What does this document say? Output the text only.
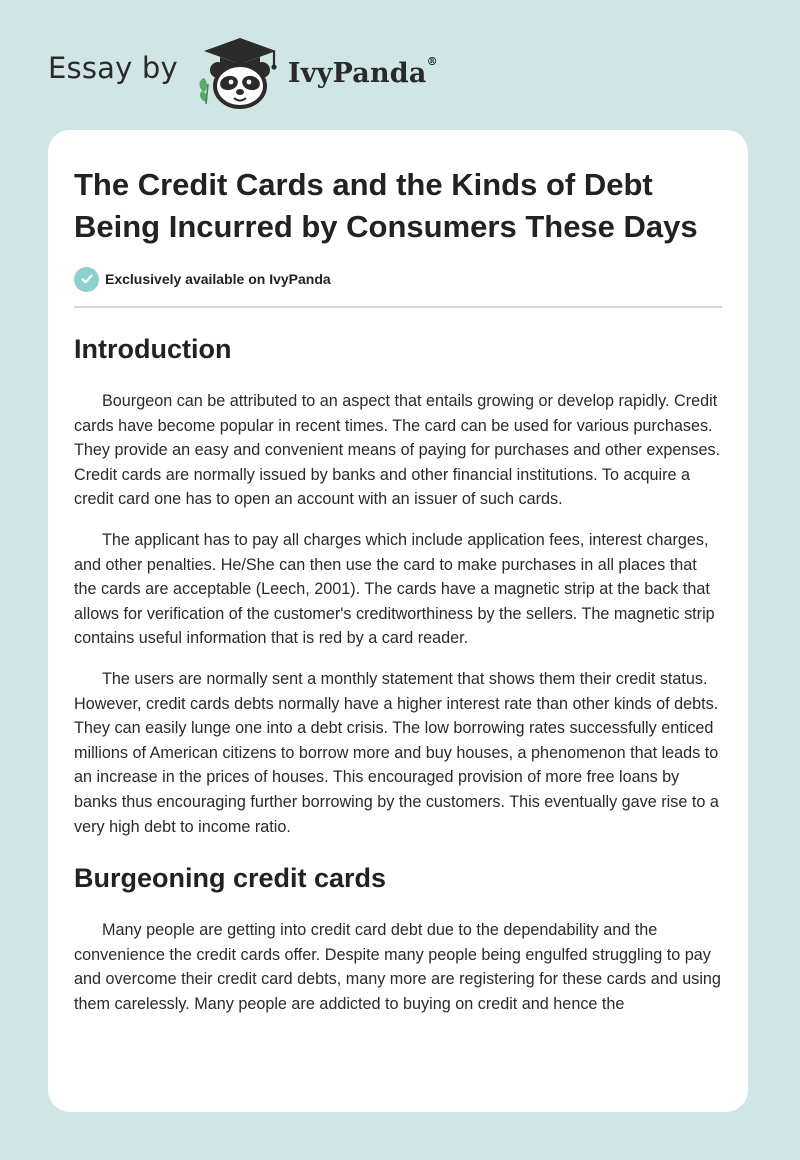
Essay by	IvyPanda®
The Credit Cards and the Kinds of Debt Being Incurred by Consumers These Days
Exclusively available on IvyPanda
Introduction

Bourgeon can be attributed to an aspect that entails growing or develop rapidly. Credit cards have become popular in recent times. The card can be used for various purchases. They provide an easy and convenient means of paying for purchases and other expenses. Credit cards are normally issued by banks and other financial institutions. To acquire a credit card one has to open an account with an issuer of such cards.

The applicant has to pay all charges which include application fees, interest charges, and other penalties. He/She can then use the card to make purchases in all places that the cards are acceptable (Leech, 2001). The cards have a magnetic strip at the back that allows for verification of the customer's creditworthiness by the sellers. The magnetic strip contains useful information that is red by a card reader.

The users are normally sent a monthly statement that shows them their credit status. However, credit cards debts normally have a higher interest rate than other kinds of debts. They can easily lunge one into a debt crisis. The low borrowing rates successfully enticed millions of American citizens to borrow more and buy houses, a phenomenon that leads to an increase in the prices of houses. This encouraged provision of more free loans by banks thus encouraging further borrowing by the customers. This eventually gave rise to a very high debt to income ratio.

Burgeoning credit cards

Many people are getting into credit card debt due to the dependability and the convenience the credit cards offer. Despite many people being engulfed struggling to pay and overcome their credit card debts, many more are registering for these cards and using them carelessly. Many people are addicted to buying on credit and hence the
